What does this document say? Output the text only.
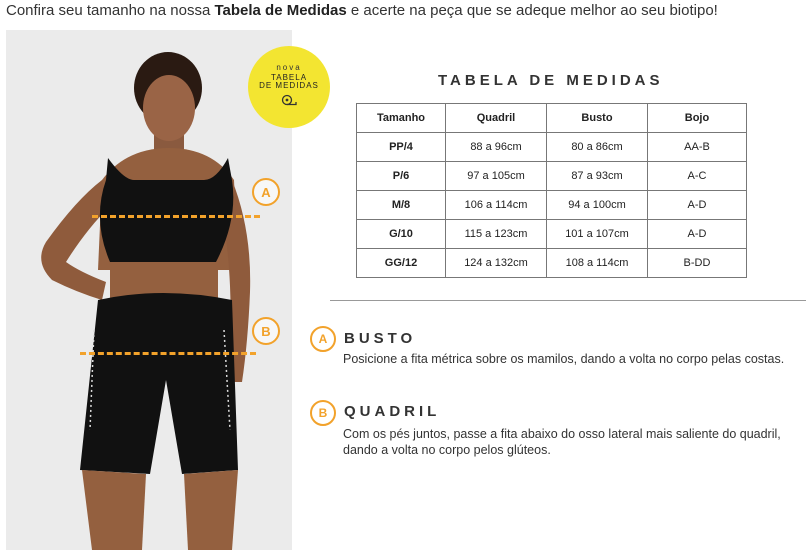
Confira seu tamanho na nossa Tabela de Medidas e acerte na peça que se adeque melhor ao seu biotipo!
A
B
nova
TABELA
DE MEDIDAS	TABELA DE MEDIDAS
Tamanho	Quadril	Busto	Bojo
PP/4	88 a 96cm	80 a 86cm	AA-B
P/6	97 a 105cm	87 a 93cm	A-C
M/8	106 a 114cm	94 a 100cm	A-D
G/10	115 a 123cm	101 a 107cm	A-D
GG/12	124 a 132cm	108 a 114cm	B-DD
A	BUSTO
Posicione a fita métrica sobre os mamilos, dando a volta no corpo pelas costas.
B	QUADRIL
Com os pés juntos, passe a fita abaixo do osso lateral mais saliente do quadril,
dando a volta no corpo pelos glúteos.
